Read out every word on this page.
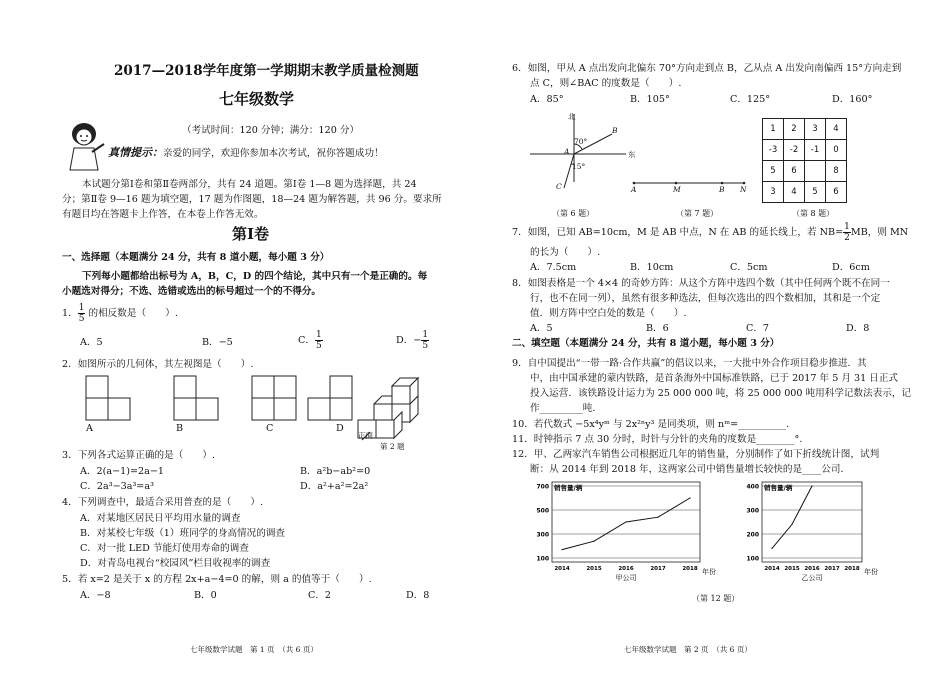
2017—2018学年度第一学期期末教学质量检测题
七年级数学
（考试时间：120 分钟；满分：120 分）
真情提示：亲爱的同学，欢迎你参加本次考试，祝你答题成功！
本试题分第Ⅰ卷和第Ⅱ卷两部分，共有 24 道题。第Ⅰ卷 1—8 题为选择题，共 24
分；第Ⅱ卷 9—16 题为填空题，17 题为作图题，18—24 题为解答题，共 96 分。要求所
有题目均在答题卡上作答，在本卷上作答无效。
第Ⅰ卷
一、选择题（本题满分 24 分，共有 8 道小题，每小题 3 分）
下列每小题都给出标号为 A，B，C，D 的四个结论，其中只有一个是正确的。每
小题选对得分；不选、选错或选出的标号超过一个的不得分。
1． $\frac{1}{5}$ 的相反数是（　　）.
A．5	B．−5	C． $\frac{1}{5}$	D．− $\frac{1}{5}$
2．如图所示的几何体，其左视图是（　　）.
A	B	C	D
正面
第 2 题
3．下列各式运算正确的是（　　）.
A．2(a−1)=2a−1	B．a²b−ab²=0
C．2a³−3a³=a³	D．a²+a²=2a²
4．下列调查中，最适合采用普查的是（　　）.
A．对某地区居民日平均用水量的调查
B．对某校七年级（1）班同学的身高情况的调查
C．对一批 LED 节能灯使用寿命的调查
D．对青岛电视台“校园风”栏目收视率的调查
5．若 x=2 是关于 x 的方程 2x+a−4=0 的解，则 a 的值等于（　　）.
A．−8	B．0	C．2	D．8
七年级数学试题　第 1 页　（共 6 页）
6．如图，甲从 A 点出发向北偏东 70°方向走到点 B，乙从点 A 出发向南偏西 15°方向走到
点 C，则∠BAC 的度数是（　　）.
A．85°	B．105°	C．125°	D．160°
北
东
70°
15°
A
B
C
（第 6 题）
A	M	B N
（第 7 题）
1	2	3	4
-3	-2	-1	0
5	6		8
3	4	5	6
（第 8 题）
7．如图，已知 AB=10cm，M 是 AB 中点，N 在 AB 的延长线上，若 $NB= \frac{1}{2}$ MB，则 MN
的长为（　　）.
A．7.5cm	B．10cm	C．5cm	D．6cm
8．如图表格是一个 4×4 的奇妙方阵：从这个方阵中选四个数（其中任何两个既不在同一
行，也不在同一列），虽然有很多种选法，但每次选出的四个数相加，其和是一个定
值．则方阵中空白处的数是（　　）.
A．5	B．6	C．7	D．8
二、填空题（本题满分 24 分，共有 8 道小题，每小题 3 分）
9．自中国提出“一带一路·合作共赢”的倡议以来，一大批中外合作项目稳步推进．其
中，由中国承建的蒙内铁路，是首条海外中国标准铁路，已于 2017 年 5 月 31 日正式
投入运营．该铁路设计运力为 25 000 000 吨，将 25 000 000 吨用科学记数法表示，记
作_________吨.
10．若代数式 −5x⁴yᵐ 与 2x²ⁿy³ 是同类项，则 nᵐ=__________.
11．时钟指示 7 点 30 分时，时针与分针的夹角的度数是________°.
12．甲、乙两家汽车销售公司根据近几年的销售量，分别制作了如下折线统计图，试判
断：从 2014 年到 2018 年，这两家公司中销售量增长较快的是____公司.
100
300
500
700
2014	2015	2016	2017	2018
销售量/辆
年份
甲公司
100
200
300
400
2014 2015 2016 2017 2018
销售量/辆
年份
乙公司
（第 12 题）
七年级数学试题　第 2 页　（共 6 页）
